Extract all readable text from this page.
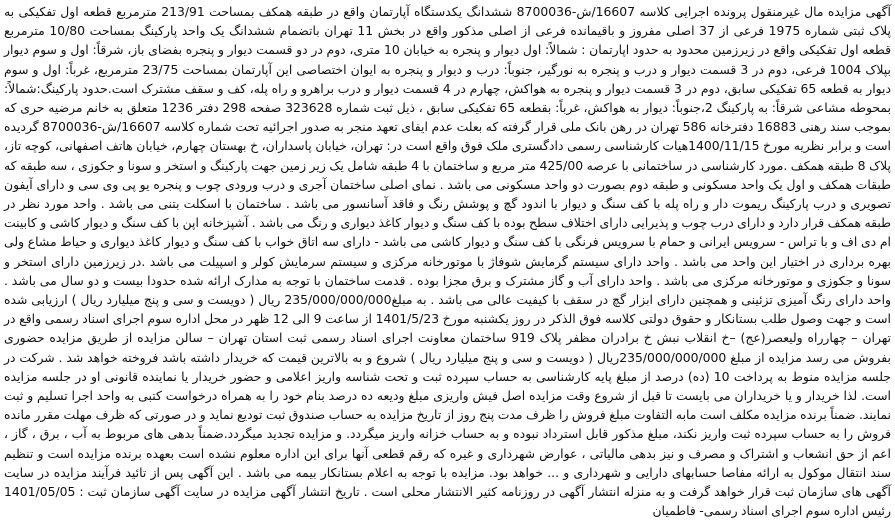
آگهی مزایده مال غیرمنقول پرونده اجرایی کلاسه 16607/ش-8700036 ششدانگ یکدستگاه آپارتمان واقع در طبقه همکف بمساحت 213/91 مترمربع قطعه اول تفکیکی به پلاک ثبتی شماره 1975 فرعی از 37 اصلی مفروز و باقیمانده فرعی از اصلی مذکور واقع در بخش 11 تهران باتضمام ششدانگ یک واحد پارکینگ بمساحت 10/80 مترمربع قطعه اول تفکیکی واقع در زیرزمین محدود به حدود اپارتمان : شمالاً: اول دیوار و پنجره به خیابان 10 متری، دوم در دو قسمت دیوار و پنجره بفضای باز، شرقاً: اول و سوم دیوار بپلاک 1004 فرعی، دوم در 3 قسمت دیوار و درب و پنجره به نورگیر، جنوباً: درب و دیوار و پنجره به ایوان اختصاصی این آپارتمان بمساحت 23/75 مترمربع، غرباً: اول و سوم دیوار به قطعه 65 تفکیکی سابق، دوم در 3 قسمت دیوار و پنجره به هواکش، چهارم در 4 قسمت دیوار و درب براهرو و راه پله، کف و سقف مشترک است.حدود پارکینگ:شمالاً: بمحوطه مشاعی شرقاً: به پارکینگ 2،جنوباً: دیوار به هواکش، غرباً: بقطعه 65 تفکیکی سابق ، ذیل ثبت شماره 323628 صفحه 298 دفتر 1236 متعلق به خانم مرضیه حری که بموجب سند رهنی 16883 دفترخانه 586 تهران در رهن بانک ملی قرار گرفته که بعلت عدم ایفای تعهد منجر به صدور اجرائیه تحت شماره کلاسه 16607/ش-8700036 گردیده است و برابر نظریه مورخ 1400/11/15هیات کارشناسی رسمی دادگستری ملک فوق واقع است در: تهران، خیابان پاسداران، خ بهستان چهارم، خیابان هاتف اصفهانی، کوچه تاز، پلاک 8 طبقه همکف .مورد کارشناسی در ساختمانی با عرصه 425/00 متر مربع و ساختمان با 4 طبقه شامل یک زیر زمین جهت پارکینگ و استخر و سونا و جکوزی ، سه طبقه که طبقات همکف و اول یک واحد مسکونی و طبقه دوم بصورت دو واحد مسکونی می باشد . نمای اصلی ساختمان آجری و درب ورودی چوب و پنجره یو پی وی سی و دارای آیفون تصویری و درب پارکینگ ریموت دار و راه پله با کف سنگ و دیوار با اندود گچ و پوشش رنگ و فاقد آسانسور می باشد . ساختمان با اسکلت بتنی می باشد . واحد مورد نظر در طبقه همکف قرار دارد و دارای درب چوب و پذیرایی دارای اختلاف سطح بوده با کف سنگ و دیوار کاغذ دیواری و رنگ می باشد . آشپزخانه اپن با کف سنگ و دیوار کاشی و کابینت ام دی اف و با تراس - سرویس ایرانی و حمام با سرویس فرنگی با کف سنگ و دیوار کاشی می باشد - دارای سه اتاق خواب با کف سنگ و دیوار کاغذ دیواری و حیاط مشاع ولی بهره برداری در اختیار این واحد می باشد . واحد دارای سیستم گرمایش شوفاژ با موتورخانه مرکزی و سیستم سرمایش کولر و اسپیلت می باشد .در زیرزمین دارای استخر و سونا و جکوزی و موتورخانه مرکزی می باشد . واحد دارای آب و گاز مشترک و برق مجزا بوده . قدمت ساختمان با توجه به مدارک ارائه شده حدودا بیست و دو سال می باشد . واحد دارای رنگ آمیزی تزئینی و همچنین دارای ابزار گچ در سقف با کیفیت عالی می باشد . به مبلغ235/000/000/000 ریال ( دویست و سی و پنج میلیارد ریال ) ارزیابی شده است و جهت وصول طلب بستانکار و حقوق دولتی کلاسه فوق الذکر در روز یکشنبه مورخ 1401/5/23 از ساعت 9 الی 12 ظهر در محل اداره سوم اجرای اسناد رسمی واقع در تهران – چهارراه ولیعصر(عج) –خ انقلاب نبش خ برادران مظفر پلاک 919 ساختمان معاونت اجرای اسناد رسمی ثبت استان تهران – سالن مزایده از طریق مزایده حضوری بفروش می رسد مزایده از مبلغ 235/000/000/000ریال ( دویست و سی و پنج میلیارد ریال ) شروع و به بالاترین قیمت که خریدار داشته باشد فروخته خواهد شد . شرکت در جلسه مزایده منوط به پرداخت 10 (ده) درصد از مبلغ پایه کارشناسی به حساب سپرده ثبت و تحت شناسه واریز اعلامی و حضور خریدار یا نماینده قانونی او در جلسه مزایده است. لذا خریدار و یا خریداران می بایست تا قبل از شروع وقت مزایده اصل فیش واریزی مبلغ ودیعه ده درصد بنام خود را به همراه درخواست کتبی به واحد اجرا تسلیم و ثبت نمایند. ضمناً برنده مزایده مکلف است مابه التفاوت مبلغ فروش را ظرف مدت پنج روز از تاریخ مزایده به حساب صندوق ثبت تودیع نماید و در صورتی که ظرف مهلت مقرر مانده فروش را به حساب سپرده ثبت واریز نکند، مبلغ مذکور قابل استرداد نبوده و به حساب خزانه واریز میگردد. و مزایده تجدید میگردد.ضمناً بدهی های مربوط به آب ، برق ، گاز ، اعم از حق انشعاب و اشتراک و مصرف و نیز بدهی مالیاتی ، عوارض شهرداری و غیره که رقم قطعی آنها برای این اداره معلوم نشده است بعهده برنده مزایده است و تنظیم سند انتقال موکول به ارائه مفاصا حسابهای دارایی و شهرداری و ... خواهد بود. مزایده با توجه به اعلام بستانکار بیمه می باشد . این آگهی پس از تائید فرآیند مزایده در سایت آگهی های سازمان ثبت قرار خواهد گرفت و به منزله انتشار آگهی در روزنامه کثیر الانتشار محلی است . تاریخ انتشار آگهی مزایده در سایت آگهی سازمان ثبت : 1401/05/05 رئیس اداره سوم اجرای اسناد رسمی- فاطمیان
